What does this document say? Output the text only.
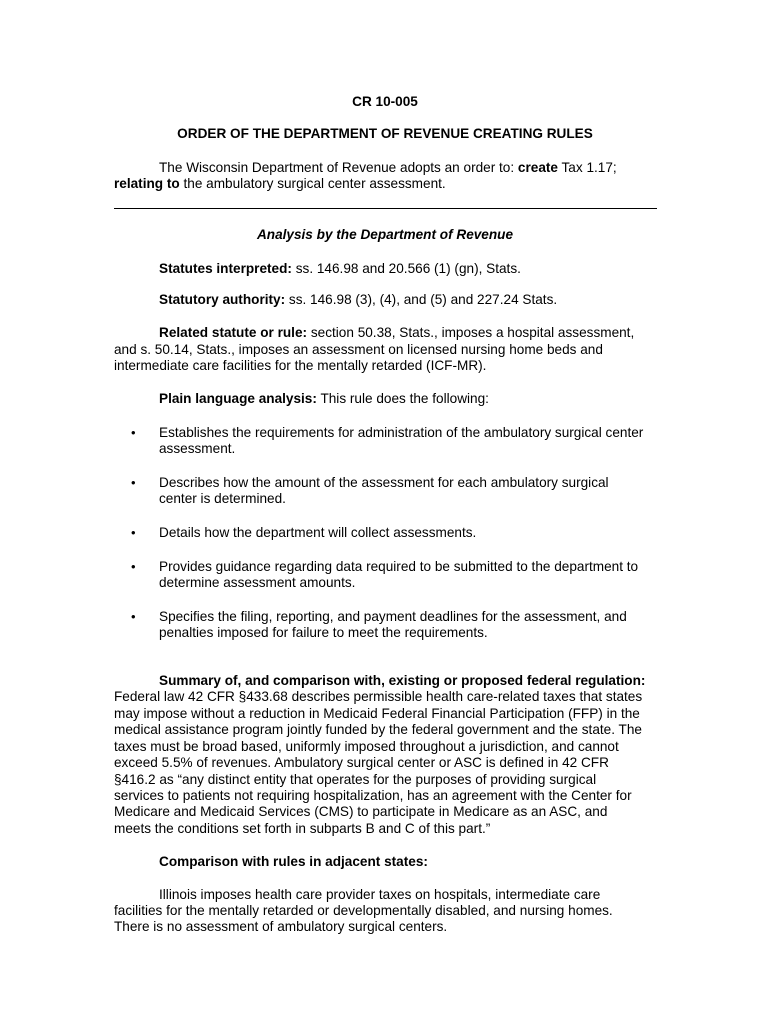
CR 10-005
ORDER OF THE DEPARTMENT OF REVENUE CREATING RULES
The Wisconsin Department of Revenue adopts an order to: create Tax 1.17;
relating to the ambulatory surgical center assessment.
Analysis by the Department of Revenue
Statutes interpreted: ss. 146.98 and 20.566 (1) (gn), Stats.
Statutory authority: ss. 146.98 (3), (4), and (5) and 227.24 Stats.
Related statute or rule: section 50.38, Stats., imposes a hospital assessment,
and s. 50.14, Stats., imposes an assessment on licensed nursing home beds and
intermediate care facilities for the mentally retarded (ICF-MR).
Plain language analysis: This rule does the following:
• Establishes the requirements for administration of the ambulatory surgical center
assessment.
• Describes how the amount of the assessment for each ambulatory surgical
center is determined.
• Details how the department will collect assessments.
• Provides guidance regarding data required to be submitted to the department to
determine assessment amounts.
• Specifies the filing, reporting, and payment deadlines for the assessment, and
penalties imposed for failure to meet the requirements.
Summary of, and comparison with, existing or proposed federal regulation:
Federal law 42 CFR §433.68 describes permissible health care-related taxes that states
may impose without a reduction in Medicaid Federal Financial Participation (FFP) in the
medical assistance program jointly funded by the federal government and the state. The
taxes must be broad based, uniformly imposed throughout a jurisdiction, and cannot
exceed 5.5% of revenues. Ambulatory surgical center or ASC is defined in 42 CFR
§416.2 as “any distinct entity that operates for the purposes of providing surgical
services to patients not requiring hospitalization, has an agreement with the Center for
Medicare and Medicaid Services (CMS) to participate in Medicare as an ASC, and
meets the conditions set forth in subparts B and C of this part.”
Comparison with rules in adjacent states:
Illinois imposes health care provider taxes on hospitals, intermediate care
facilities for the mentally retarded or developmentally disabled, and nursing homes.
There is no assessment of ambulatory surgical centers.
